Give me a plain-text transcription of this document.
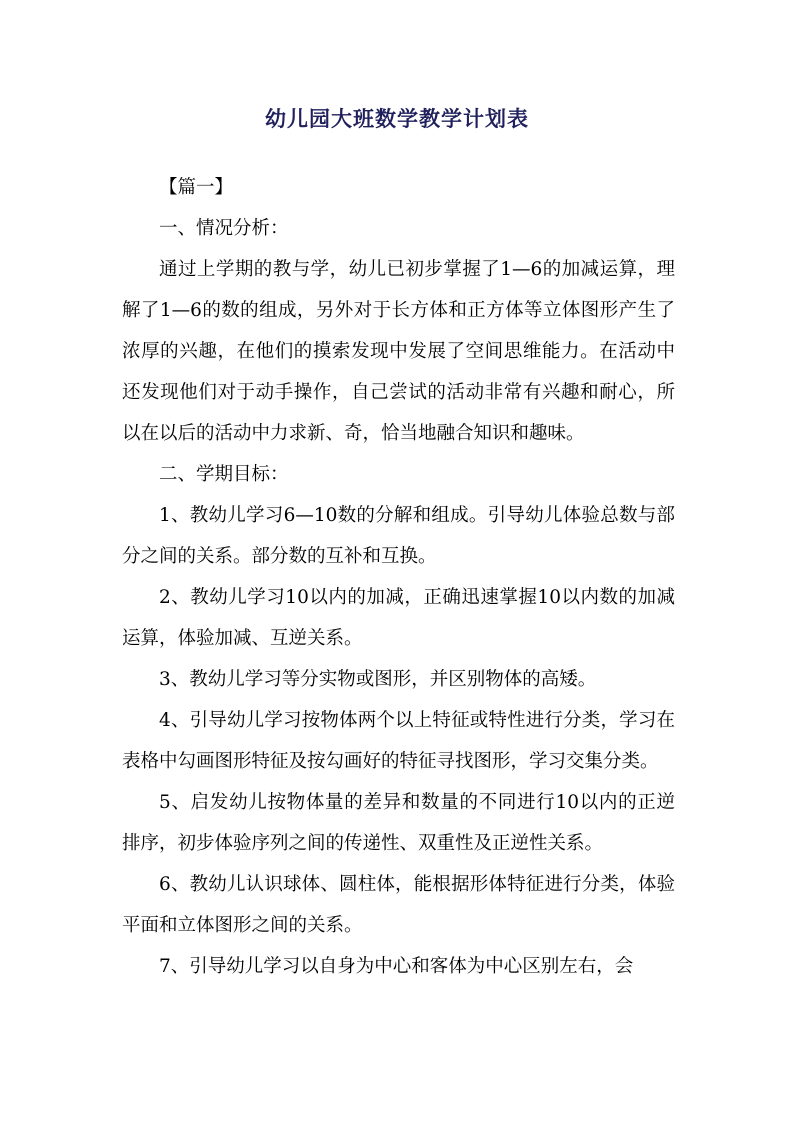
幼儿园大班数学教学计划表

【篇一】

一、情况分析：

通过上学期的教与学，幼儿已初步掌握了1—6的加减运算，理解了1—6的数的组成，另外对于长方体和正方体等立体图形产生了浓厚的兴趣，在他们的摸索发现中发展了空间思维能力。在活动中还发现他们对于动手操作，自己尝试的活动非常有兴趣和耐心，所以在以后的活动中力求新、奇，恰当地融合知识和趣味。

二、学期目标：

1、教幼儿学习6—10数的分解和组成。引导幼儿体验总数与部分之间的关系。部分数的互补和互换。

2、教幼儿学习10以内的加减，正确迅速掌握10以内数的加减运算，体验加减、互逆关系。

3、教幼儿学习等分实物或图形，并区别物体的高矮。

4、引导幼儿学习按物体两个以上特征或特性进行分类，学习在表格中勾画图形特征及按勾画好的特征寻找图形，学习交集分类。

5、启发幼儿按物体量的差异和数量的不同进行10以内的正逆排序，初步体验序列之间的传递性、双重性及正逆性关系。

6、教幼儿认识球体、圆柱体，能根据形体特征进行分类，体验平面和立体图形之间的关系。

7、引导幼儿学习以自身为中心和客体为中心区别左右，会
